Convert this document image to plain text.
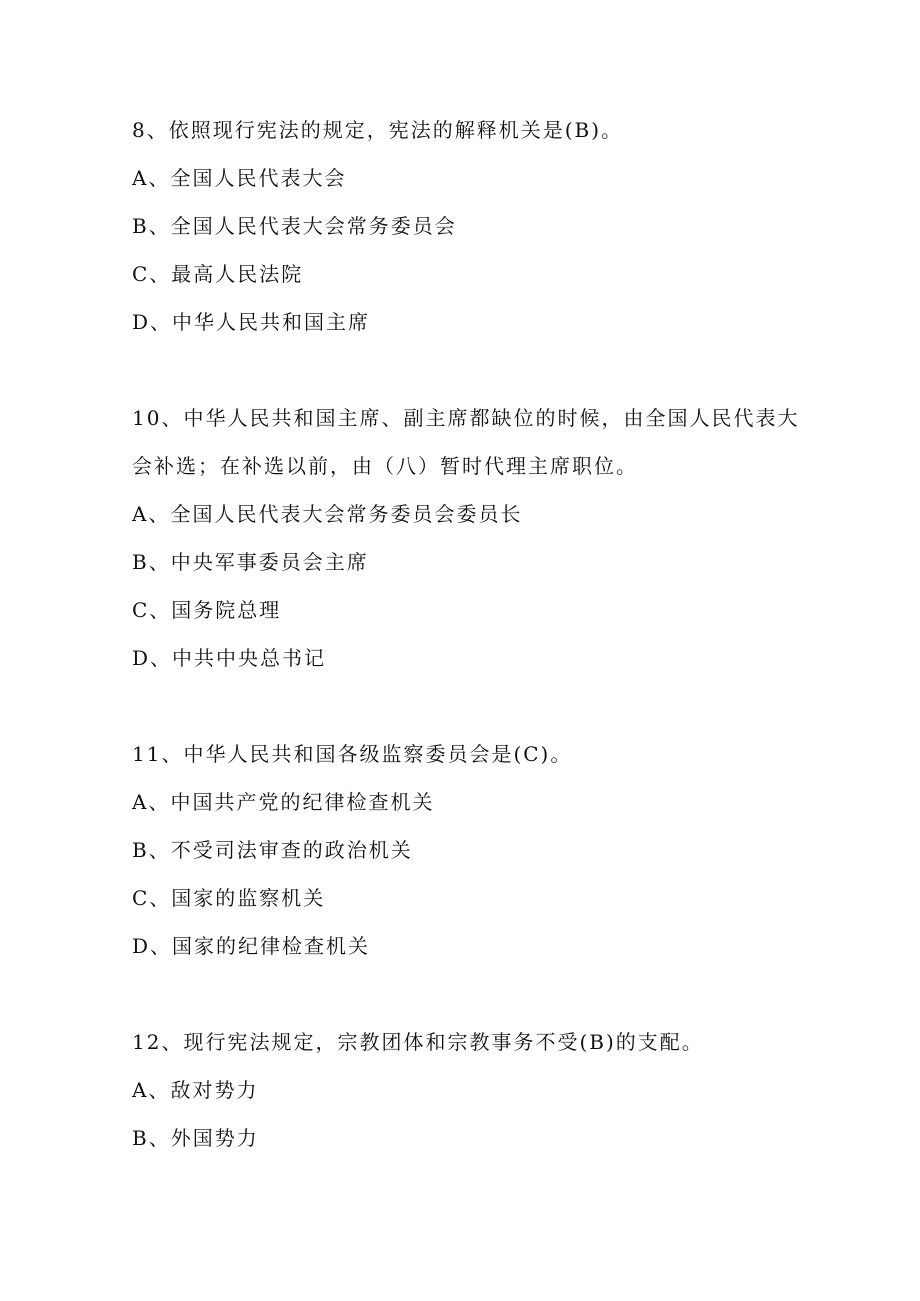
8、依照现行宪法的规定，宪法的解释机关是(B)。

A、全国人民代表大会

B、全国人民代表大会常务委员会

C、最高人民法院

D、中华人民共和国主席

10、中华人民共和国主席、副主席都缺位的时候，由全国人民代表大

会补选；在补选以前，由（八）暂时代理主席职位。

A、全国人民代表大会常务委员会委员长

B、中央军事委员会主席

C、国务院总理

D、中共中央总书记

11、中华人民共和国各级监察委员会是(C)。

A、中国共产党的纪律检查机关

B、不受司法审查的政治机关

C、国家的监察机关

D、国家的纪律检查机关

12、现行宪法规定，宗教团体和宗教事务不受(B)的支配。

A、敌对势力

B、外国势力
